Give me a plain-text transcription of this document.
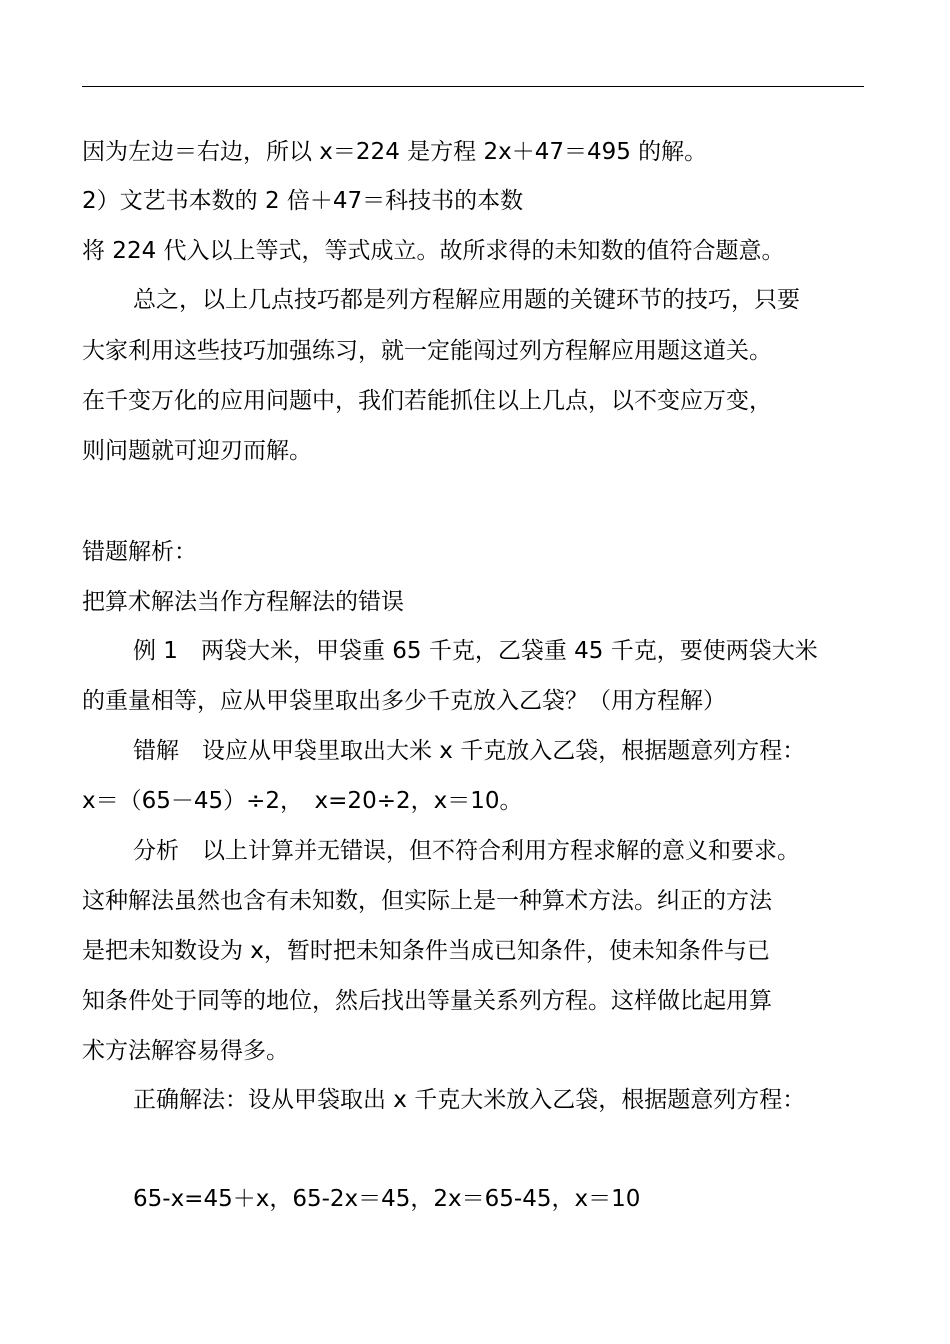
因为左边＝右边，所以 x＝224 是方程 2x＋47＝495 的解。
2）文艺书本数的 2 倍＋47＝科技书的本数
将 224 代入以上等式，等式成立。故所求得的未知数的值符合题意。
总之，以上几点技巧都是列方程解应用题的关键环节的技巧，只要
大家利用这些技巧加强练习，就一定能闯过列方程解应用题这道关。
在千变万化的应用问题中，我们若能抓住以上几点，以不变应万变，
则问题就可迎刃而解。
错题解析：
把算术解法当作方程解法的错误
例 1　两袋大米，甲袋重 65 千克，乙袋重 45 千克，要使两袋大米
的重量相等，应从甲袋里取出多少千克放入乙袋？（用方程解）
错解　设应从甲袋里取出大米 x 千克放入乙袋，根据题意列方程：
x＝（65－45）÷2，　x=20÷2，x＝10。
分析　以上计算并无错误，但不符合利用方程求解的意义和要求。
这种解法虽然也含有未知数，但实际上是一种算术方法。纠正的方法
是把未知数设为 x，暂时把未知条件当成已知条件，使未知条件与已
知条件处于同等的地位，然后找出等量关系列方程。这样做比起用算
术方法解容易得多。
正确解法：设从甲袋取出 x 千克大米放入乙袋，根据题意列方程：
65-x=45＋x，65-2x＝45，2x＝65-45，x＝10
